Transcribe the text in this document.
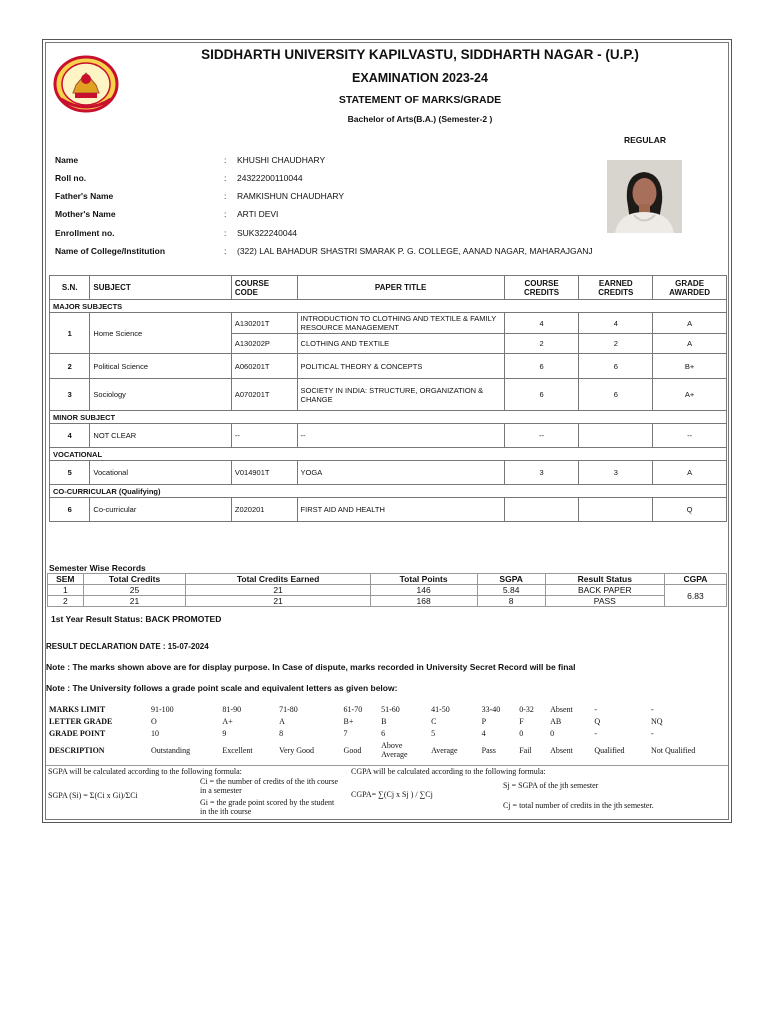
SIDDHARTH UNIVERSITY KAPILVASTU, SIDDHARTH NAGAR - (U.P.)
EXAMINATION 2023-24
STATEMENT OF MARKS/GRADE
Bachelor of Arts(B.A.) (Semester-2 )
REGULAR
Name	: KHUSHI CHAUDHARY
Roll no.	: 24322200110044
Father's Name	: RAMKISHUN CHAUDHARY
Mother's Name	: ARTI DEVI
Enrollment no.	: SUK322240044
Name of College/Institution	: (322) LAL BAHADUR SHASTRI SMARAK P. G. COLLEGE, AANAD NAGAR, MAHARAJGANJ
S.N.	SUBJECT	COURSE CODE	PAPER TITLE	COURSE CREDITS	EARNED CREDITS	GRADE AWARDED
MAJOR SUBJECTS						
1	Home Science	A130201T	INTRODUCTION TO CLOTHING AND TEXTILE & FAMILY RESOURCE MANAGEMENT	4	4	A
		A130202P	CLOTHING AND TEXTILE	2	2	A
2	Political Science	A060201T	POLITICAL THEORY & CONCEPTS	6	6	B+
3	Sociology	A070201T	SOCIETY IN INDIA: STRUCTURE, ORGANIZATION & CHANGE	6	6	A+
MINOR SUBJECT						
4	NOT CLEAR	--	--	--		--
VOCATIONAL						
5	Vocational	V014901T	YOGA	3	3	A
CO-CURRICULAR (Qualifying)						
6	Co-curricular	Z020201	FIRST AID AND HEALTH			Q
Semester Wise Records
SEM	Total Credits	Total Credits Earned	Total Points	SGPA	Result Status	CGPA
1	25	21	146	5.84	BACK PAPER	6.83
2	21	21	168	8	PASS	
1st Year Result Status: BACK PROMOTED
RESULT DECLARATION DATE : 15-07-2024
Note : The marks shown above are for display purpose. In Case of dispute, marks recorded in University Secret Record will be final
Note : The University follows a grade point scale and equivalent letters as given below:
MARKS LIMIT	91-100	81-90	71-80	61-70	51-60	41-50	33-40	0-32	Absent	-	-
LETTER GRADE	O	A+	A	B+	B	C	P	F	AB	Q	NQ
GRADE POINT	10	9	8	7	6	5	4	0	0	-	-
DESCRIPTION	Outstanding	Excellent	Very Good	Good	Above Average	Average	Pass	Fail	Absent	Qualified	Not Qualified
SGPA will be calculated according to the following formula:
Ci = the number of credits of the ith course in a semester
SGPA (Si) = Σ(Ci x Gi)/ΣCi
Gi = the grade point scored by the student in the ith course
CGPA will be calculated according to the following formula:
CGPA= ∑(Cj x Sj ) / ∑Cj
Sj = SGPA of the jth semester
Cj = total number of credits in the jth semester.
